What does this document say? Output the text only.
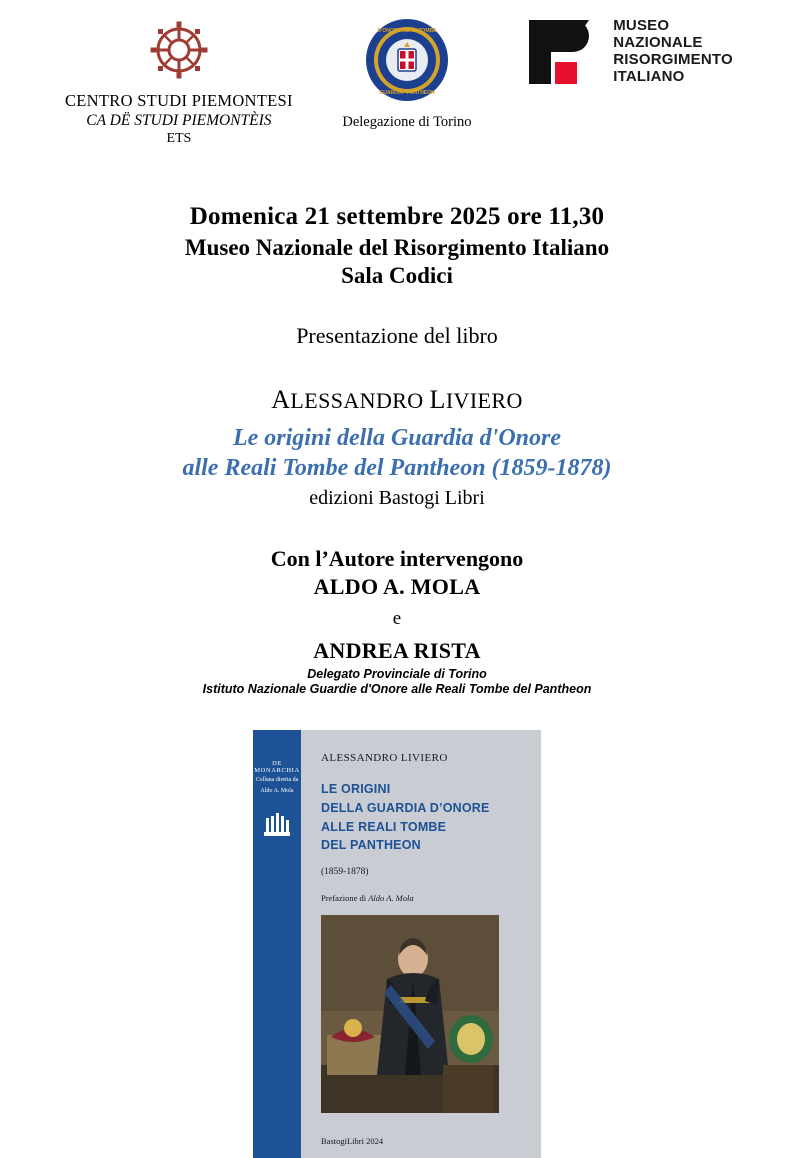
CENTRO STUDI PIEMONTESI
CA DË STUDI PIEMONTÈIS
ETS
D'ONORE REALI TOMBE
GUARDIA · PANTHEON
Delegazione di Torino
MUSEO
NAZIONALE
RISORGIMENTO
ITALIANO
Domenica 21 settembre 2025 ore 11,30
Museo Nazionale del Risorgimento Italiano
Sala Codici
Presentazione del libro
ALESSANDRO LIVIERO
Le origini della Guardia d'Onore
alle Reali Tombe del Pantheon (1859-1878)
edizioni Bastogi Libri
Con l’Autore intervengono
ALDO A. MOLA
e
ANDREA RISTA
Delegato Provinciale di Torino
Istituto Nazionale Guardie d'Onore alle Reali Tombe del Pantheon
DE MONARCHIA
Collana diretta da
Aldo A. Mola
ALESSANDRO LIVIERO
LE ORIGINI
DELLA GUARDIA D’ONORE
ALLE REALI TOMBE
DEL PANTHEON
(1859-1878)
Prefazione di Aldo A. Mola
BastogiLibri 2024
